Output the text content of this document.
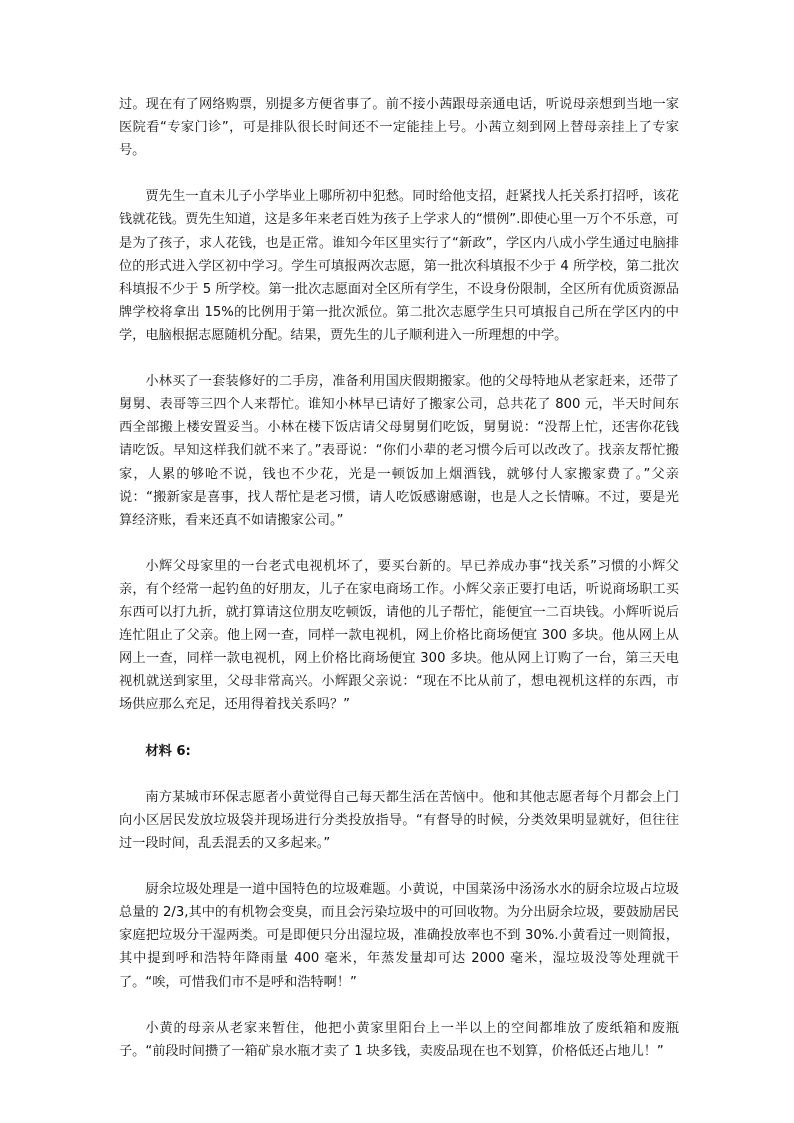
过。现在有了网络购票，别提多方便省事了。前不接小茜跟母亲通电话，听说母亲想到当地一家医院看“专家门诊”，可是排队很长时间还不一定能挂上号。小茜立刻到网上替母亲挂上了专家号。

贾先生一直未儿子小学毕业上哪所初中犯愁。同时给他支招，赶紧找人托关系打招呼，该花钱就花钱。贾先生知道，这是多年来老百姓为孩子上学求人的“惯例”.即使心里一万个不乐意，可是为了孩子，求人花钱，也是正常。谁知今年区里实行了“新政”，学区内八成小学生通过电脑排位的形式进入学区初中学习。学生可填报两次志愿，第一批次科填报不少于 4 所学校，第二批次科填报不少于 5 所学校。第一批次志愿面对全区所有学生，不设身份限制，全区所有优质资源品牌学校将拿出 15%的比例用于第一批次派位。第二批次志愿学生只可填报自己所在学区内的中学，电脑根据志愿随机分配。结果，贾先生的儿子顺利进入一所理想的中学。

小林买了一套装修好的二手房，准备利用国庆假期搬家。他的父母特地从老家赶来，还带了舅舅、表哥等三四个人来帮忙。谁知小林早已请好了搬家公司，总共花了 800 元，半天时间东西全部搬上楼安置妥当。小林在楼下饭店请父母舅舅们吃饭，舅舅说：“没帮上忙，还害你花钱请吃饭。早知这样我们就不来了。”表哥说：“你们小辈的老习惯今后可以改改了。找亲友帮忙搬家，人累的够呛不说，钱也不少花，光是一顿饭加上烟酒钱，就够付人家搬家费了。”父亲说：“搬新家是喜事，找人帮忙是老习惯，请人吃饭感谢感谢，也是人之长情嘛。不过，要是光算经济账，看来还真不如请搬家公司。”

小辉父母家里的一台老式电视机坏了，要买台新的。早已养成办事“找关系”习惯的小辉父亲，有个经常一起钓鱼的好朋友，儿子在家电商场工作。小辉父亲正要打电话，听说商场职工买东西可以打九折，就打算请这位朋友吃顿饭，请他的儿子帮忙，能便宜一二百块钱。小辉听说后连忙阻止了父亲。他上网一查，同样一款电视机，网上价格比商场便宜 300 多块。他从网上从网上一查，同样一款电视机，网上价格比商场便宜 300 多块。他从网上订购了一台，第三天电视机就送到家里，父母非常高兴。小辉跟父亲说：“现在不比从前了，想电视机这样的东西，市场供应那么充足，还用得着找关系吗？”

材料 6:

南方某城市环保志愿者小黄觉得自己每天都生活在苦恼中。他和其他志愿者每个月都会上门向小区居民发放垃圾袋并现场进行分类投放指导。“有督导的时候，分类效果明显就好，但往往过一段时间，乱丢混丢的又多起来。”

厨余垃圾处理是一道中国特色的垃圾难题。小黄说，中国菜汤中汤汤水水的厨余垃圾占垃圾总量的 2/3,其中的有机物会变臭，而且会污染垃圾中的可回收物。为分出厨余垃圾，要鼓励居民家庭把垃圾分干湿两类。可是即便只分出湿垃圾，准确投放率也不到 30%.小黄看过一则简报，其中提到呼和浩特年降雨量 400 毫米，年蒸发量却可达 2000 毫米，湿垃圾没等处理就干了。“唉，可惜我们市不是呼和浩特啊！”

小黄的母亲从老家来暂住，他把小黄家里阳台上一半以上的空间都堆放了废纸箱和废瓶子。“前段时间攒了一箱矿泉水瓶才卖了 1 块多钱，卖废品现在也不划算，价格低还占地儿！”
